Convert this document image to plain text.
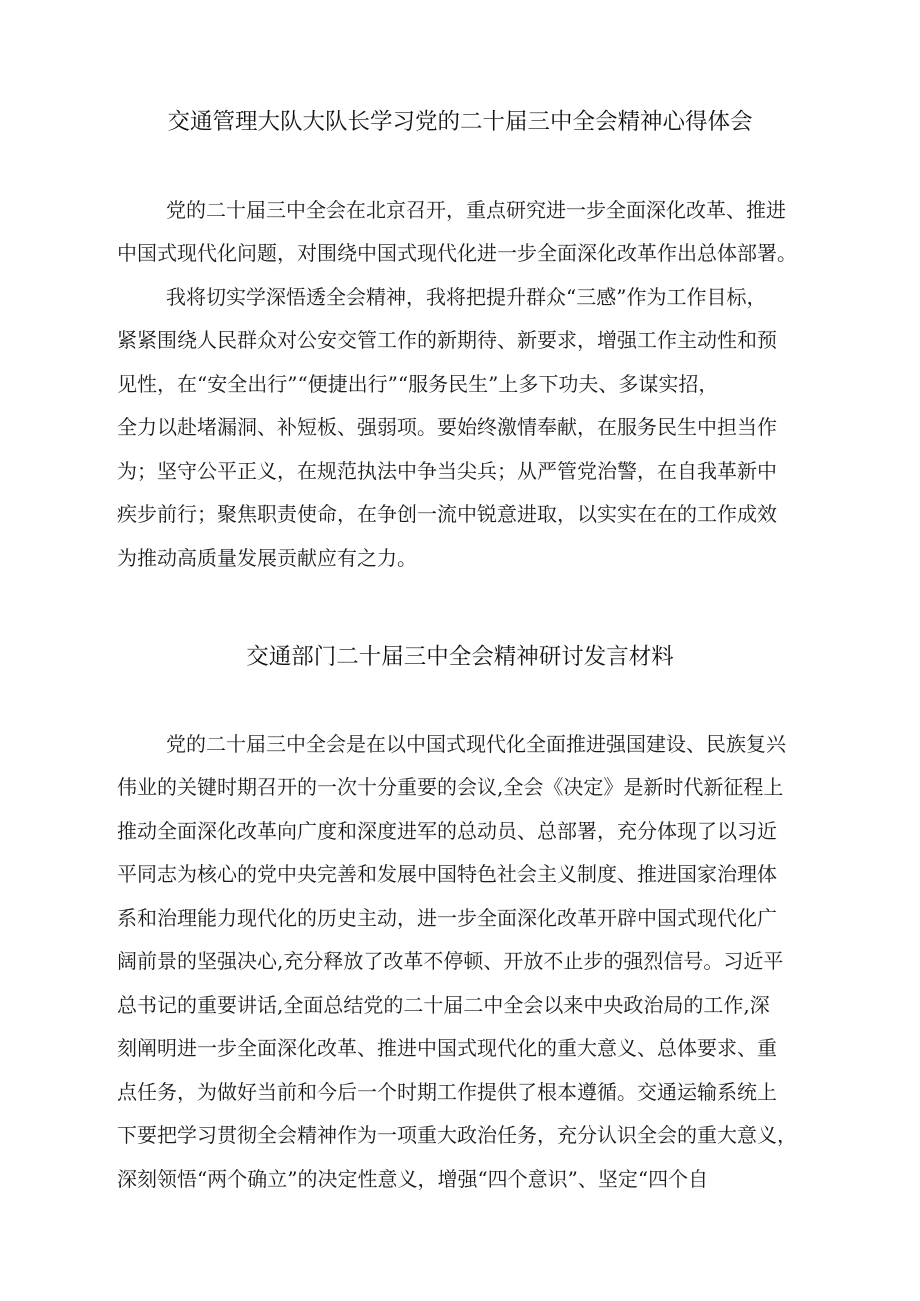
交通管理大队大队长学习党的二十届三中全会精神心得体会
党的二十届三中全会在北京召开，重点研究进一步全面深化改革、推进
中国式现代化问题，对围绕中国式现代化进一步全面深化改革作出总体部署。
我将切实学深悟透全会精神，我将把提升群众“三感”作为工作目标，
紧紧围绕人民群众对公安交管工作的新期待、新要求，增强工作主动性和预
见性，在“安全出行”“便捷出行”“服务民生”上多下功夫、多谋实招，
全力以赴堵漏洞、补短板、强弱项。要始终激情奉献，在服务民生中担当作
为；坚守公平正义，在规范执法中争当尖兵；从严管党治警，在自我革新中
疾步前行；聚焦职责使命，在争创一流中锐意进取，以实实在在的工作成效
为推动高质量发展贡献应有之力。
交通部门二十届三中全会精神研讨发言材料
党的二十届三中全会是在以中国式现代化全面推进强国建设、民族复兴
伟业的关键时期召开的一次十分重要的会议,全会《决定》是新时代新征程上
推动全面深化改革向广度和深度进军的总动员、总部署，充分体现了以习近
平同志为核心的党中央完善和发展中国特色社会主义制度、推进国家治理体
系和治理能力现代化的历史主动，进一步全面深化改革开辟中国式现代化广
阔前景的坚强决心,充分释放了改革不停顿、开放不止步的强烈信号。习近平
总书记的重要讲话,全面总结党的二十届二中全会以来中央政治局的工作,深
刻阐明进一步全面深化改革、推进中国式现代化的重大意义、总体要求、重
点任务，为做好当前和今后一个时期工作提供了根本遵循。交通运输系统上
下要把学习贯彻全会精神作为一项重大政治任务，充分认识全会的重大意义，
深刻领悟“两个确立”的决定性意义，增强“四个意识”、坚定“四个自
